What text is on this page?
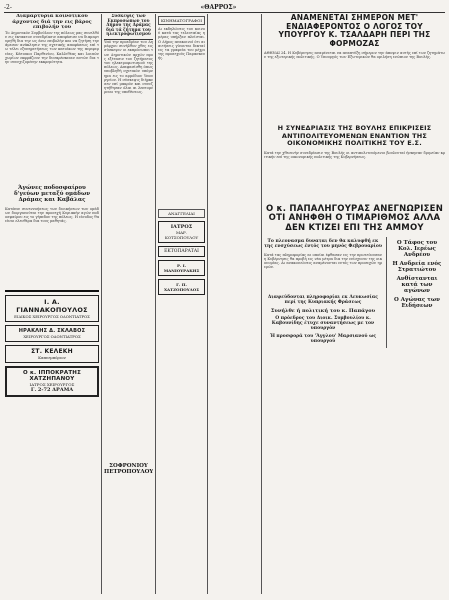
-2-	«ΘΑΡΡΟΣ»
Διαμαρτυρία κοινοτικού άρχοντος διά την εις βάρος επιβολήν του
Το Δημοτικόν Συμβούλιον της πόλεως μας συνελθόν εις έκτακτον συνεδρίασιν απεφάσισε να διαμαρτυρηθή δια την ως άνω επιβολήν και να ζητήση την άμεσον ανάκλησιν της σχετικής αποφάσεως επί τω τέλει εξυπηρετήσεως των κατοίκων της περιφερείας. Κάτοικοι Παρθενίου, Καλλιθέας και λοιπών χωρίων εκφράζουν την δυσαρέσκειαν αυτών δια την συνεχιζομένην εκκρεμότητα.
Άγώνες ποδοσφαίρου δ'γεύων μεταξύ ομάδων Δράμας και Καβάλας
Κατόπιν συνεννοήσεως των διοικήσεων των ομάδων διοργανούται την προσεχή Κυριακήν αγών ποδοσφαίρου εις το γήπεδον της πόλεως. Η είσοδος θα είναι ελευθέρα δια τους μαθητάς.
Ι. Α. ΓΙΑΝΝΑΚΟΠΟΥΛΟΣ
ΕΙΔΙΚΟΣ ΧΕΙΡΟΥΡΓΟΣ ΟΔΟΝΤΙΑΤΡΟΣ
ΗΡΑΚΛΗΣ Δ. ΣΚΛΑΒΟΣ
ΧΕΙΡΟΥΡΓΟΣ ΟΔΟΝΤΙΑΤΡΟΣ
ΣΤ. ΚΕΛΕΚΗ
Καπνεμπόριον
Ο κ. ΙΠΠΟΚΡΑΤΗΣ ΧΑΤΖΗΠΑΝΟΥ
ΙΑΤΡΟΣ ΧΕΙΡΟΥΡΓΟΣ
Γ. 2-72 ΔΡΑΜΑ
Σύσκεψις τών Εκπροσώπων του Δήμου της Δράμας διά τά ζήτημα του ηλεκτροφωτισμού
Υπό την προεδρίαν του Δημάρχου συνήλθον χθες εις σύσκεψιν οι εκπρόσωποι των Δημοτικών αρχών προς εξέτασιν του ζητήματος του ηλεκτροφωτισμού της πόλεως. Απεφασίσθη όπως υποβληθή σχετικόν υπόμνημα εις το αρμόδιον Υπουργείον. Η σύσκεψις διήρκεσεν επί μακρόν και συνεζητήθησαν όλαι αι λεπτομέρειαι της υποθέσεως.
ΣΟΦΡΟΝΙΟΥ ΠΕΤΡΟΠΟΥΛΟΥ
ΚΙΝΗΜΑΤΟΓΡΑΦΟΙ
Αι εκδηλώσεις του κοινού κατά τας τελευταίας ημέρας υπήρξαν πλείσται. Ο Δήμος ανακοινοί ότι αι αιτήσεις γίνονται δεκταί εις τα γραφεία του μέχρι της προσεχούς Παρασκευής.
ΑΝΑΓΓΕΛΙΑΙ
ΙΑΤΡΟΣ
ΜΑΡ. ΚΟΤΣΟΠΟΥΛΟΥ
ΕΚΤΟΠΑΡΑΤΑΙ
Ρ. Ι. ΜΑΝΙΟΥΡΑΚΗΣ
Γ. Π. ΧΑΤΖΟΠΟΥΛΟΣ
ΑΝΑΜΕΝΕΤΑΙ ΣΗΜΕΡΟΝ ΜΕΤ' ΕΝΔΙΑΦΕΡΟΝΤΟΣ Ο ΛΟΓΟΣ ΤΟΥ ΥΠΟΥΡΓΟΥ Κ. ΤΣΑΛΔΑΡΗ ΠΕΡΙ ΤΗΣ ΦΟΡΜΟΖΑΣ
ΑΘΗΝΑΙ 24. Η Κυβέρνησις αναμένεται να αναπτύξη σήμερον την άποψιν αυτής επί των ζητημάτων της εξωτερικής πολιτικής. Ο Υπουργός των Εξωτερικών θα ομιλήση ενώπιον της Βουλής.
Η ΣΥΝΕΔΡΙΑΣΙΣ ΤΗΣ ΒΟΥΛΗΣ ΕΠΙΚΡΙΣΕΙΣ ΑΝΤΙΠΟΛΙΤΕΥΟΜΕΝΩΝ ΕΝΑΝΤΙΟΝ ΤΗΣ ΟΙΚΟΝΟΜΙΚΗΣ ΠΟΛΙΤΙΚΗΣ ΤΟΥ Ε.Σ.
Κατά την χθεσινήν συνεδρίασιν της Βουλής οι αντιπολιτευόμενοι βουλευταί ήσκησαν δριμείαν κριτικήν επί της οικονομικής πολιτικής της Κυβερνήσεως.
Ο κ. ΠΑΠΑΛΗΓΟΥΡΑΣ ΑΝΕΓΝΩΡΙΣΕΝ ΟΤΙ ΑΝΗΦΘΗ Ο ΤΙΜΑΡΙΘΜΟΣ ΑΛΛΑ ΔΕΝ ΚΤΙΖΕΙ ΕΠΙ ΤΗΣ ΑΜΜΟΥ
Το πλεονασμα δυναται δεν θα καλυφθή εκ της ενσχύσεως έντός του μηνός Φεβρουαρίου
Κατά τας πληροφορίας αι οποίαι έφθασαν εις την πρωτεύουσαν η Κυβέρνησις θα προβή εις νέα μέτρα δια την ενίσχυσιν της οικονομίας. Αι ανακοινώσεις αναμένονται εντός των προσεχών ημερών.
Διαψεύδονται πληροφορίαι εκ Λευκωσίας περί της Κυπριακής Φράσεως
Συνήλθε ή πολιτική του κ. Παπάγου
Ο πρόεδρος του Διοικ. Συμβουλίου κ. Καβουνίδης έτυχε συναντήσεως με τον υπουργόν
Ή προσφορά του 'Άγγλου' Μαρσιανού ως υπουργού
Ο Τάφος του Κολ. Ιερέως Ανδρέου
Η Ανδρεία ενός Στρατιώτου
Ανθίστανται κατά των αγώνων
Ο Αγώνας των Ειδήσεων
